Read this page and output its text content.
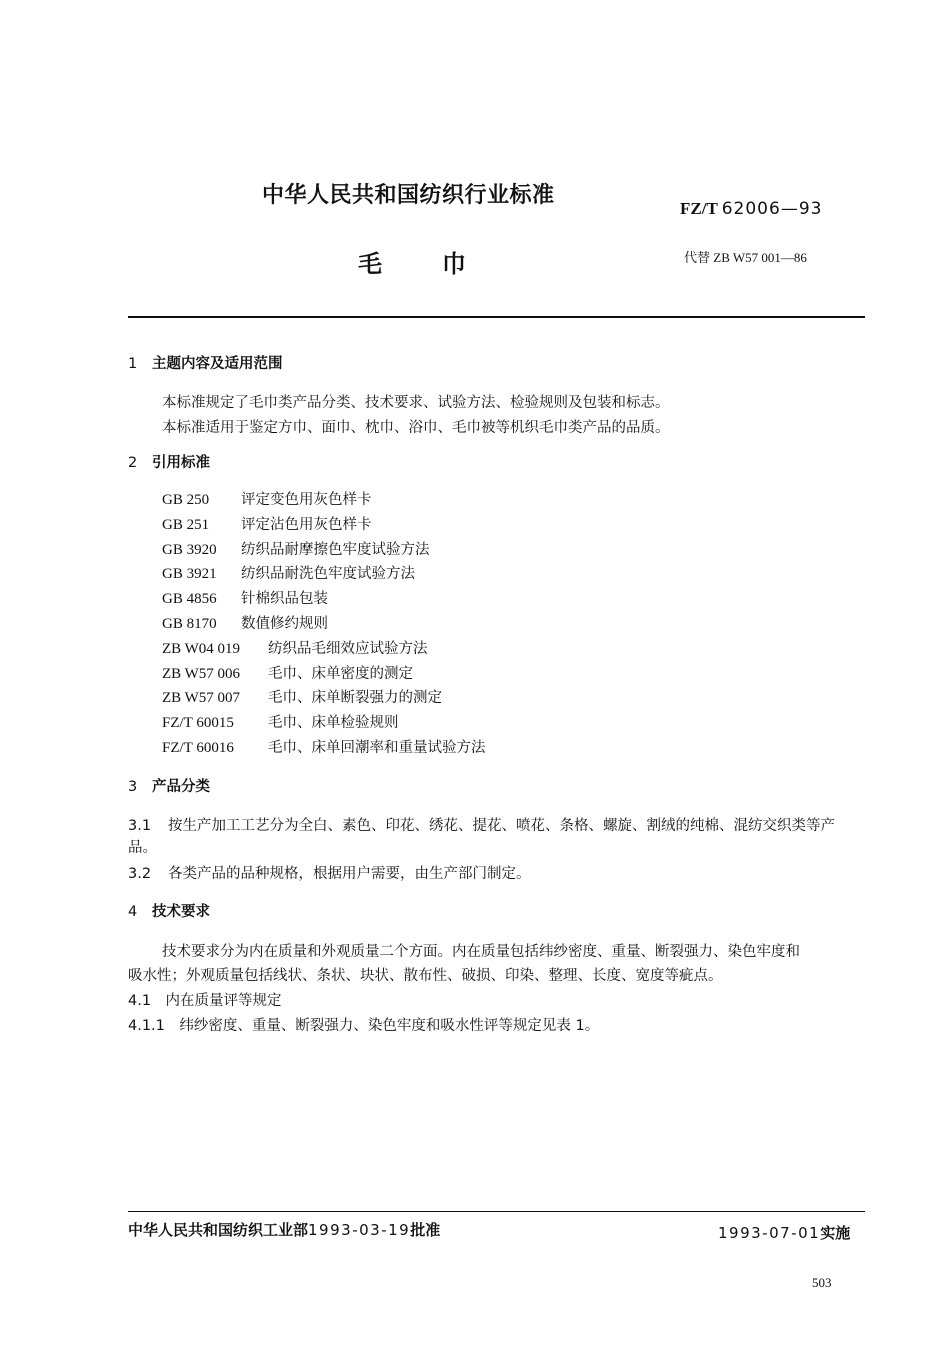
中华人民共和国纺织行业标准
FZ/T 62006—93
毛	巾	代替 ZB W57 001—86
1 主题内容及适用范围
本标准规定了毛巾类产品分类、技术要求、试验方法、检验规则及包装和标志。
本标准适用于鉴定方巾、面巾、枕巾、浴巾、毛巾被等机织毛巾类产品的品质。
2 引用标准
GB 250 评定变色用灰色样卡
GB 251 评定沾色用灰色样卡
GB 3920 纺织品耐摩擦色牢度试验方法
GB 3921 纺织品耐洗色牢度试验方法
GB 4856 针棉织品包装
GB 8170 数值修约规则
ZB W04 019 纺织品毛细效应试验方法
ZB W57 006 毛巾、床单密度的测定
ZB W57 007 毛巾、床单断裂强力的测定
FZ/T 60015 毛巾、床单检验规则
FZ/T 60016 毛巾、床单回潮率和重量试验方法
3 产品分类
3.1 按生产加工工艺分为全白、素色、印花、绣花、提花、喷花、条格、螺旋、割绒的纯棉、混纺交织类等产
品。
3.2 各类产品的品种规格，根据用户需要，由生产部门制定。
4 技术要求
技术要求分为内在质量和外观质量二个方面。内在质量包括纬纱密度、重量、断裂强力、染色牢度和
吸水性；外观质量包括线状、条状、块状、散布性、破损、印染、整理、长度、宽度等疵点。
4.1　内在质量评等规定
4.1.1　纬纱密度、重量、断裂强力、染色牢度和吸水性评等规定见表 1。
中华人民共和国纺织工业部1993-03-19批准	1993-07-01实施
503
